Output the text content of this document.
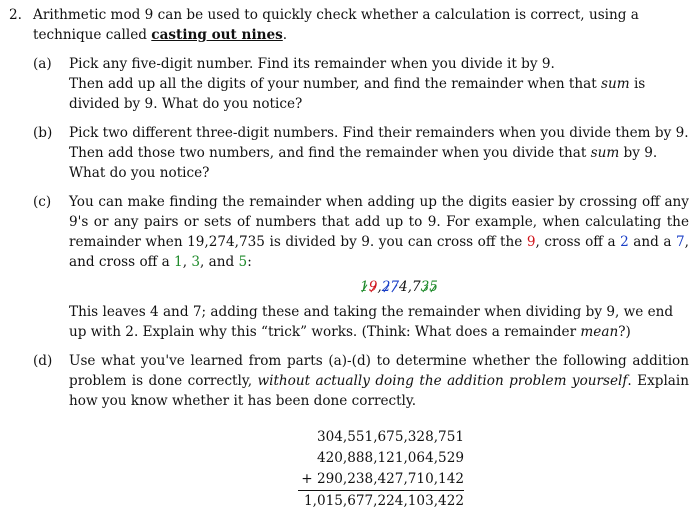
2. Arithmetic mod 9 can be used to quickly check whether a calculation is correct, using a technique called casting out nines.
(a) Pick any five-digit number. Find its remainder when you divide it by 9.

Then add up all the digits of your number, and find the remainder when that sum is divided by 9. What do you notice?

(b) Pick two different three-digit numbers. Find their remainders when you divide them by 9.

Then add those two numbers, and find the remainder when you divide that sum by 9. What do you notice?

(c) You can make finding the remainder when adding up the digits easier by crossing off any 9's or any pairs or sets of numbers that add up to 9. For example, when calculating the remainder when 19,274,735 is divided by 9. you can cross off the 9, cross off a 2 and a 7, and cross off a 1, 3, and 5:

19,274,735

This leaves 4 and 7; adding these and taking the remainder when dividing by 9, we end up with 2. Explain why this “trick” works. (Think: What does a remainder mean?)

(d) Use what you've learned from parts (a)-(d) to determine whether the following addition problem is done correctly, without actually doing the addition problem yourself. Explain how you know whether it has been done correctly.

304,551,675,328,751
420,888,121,064,529
+ 290,238,427,710,142
1,015,677,224,103,422
